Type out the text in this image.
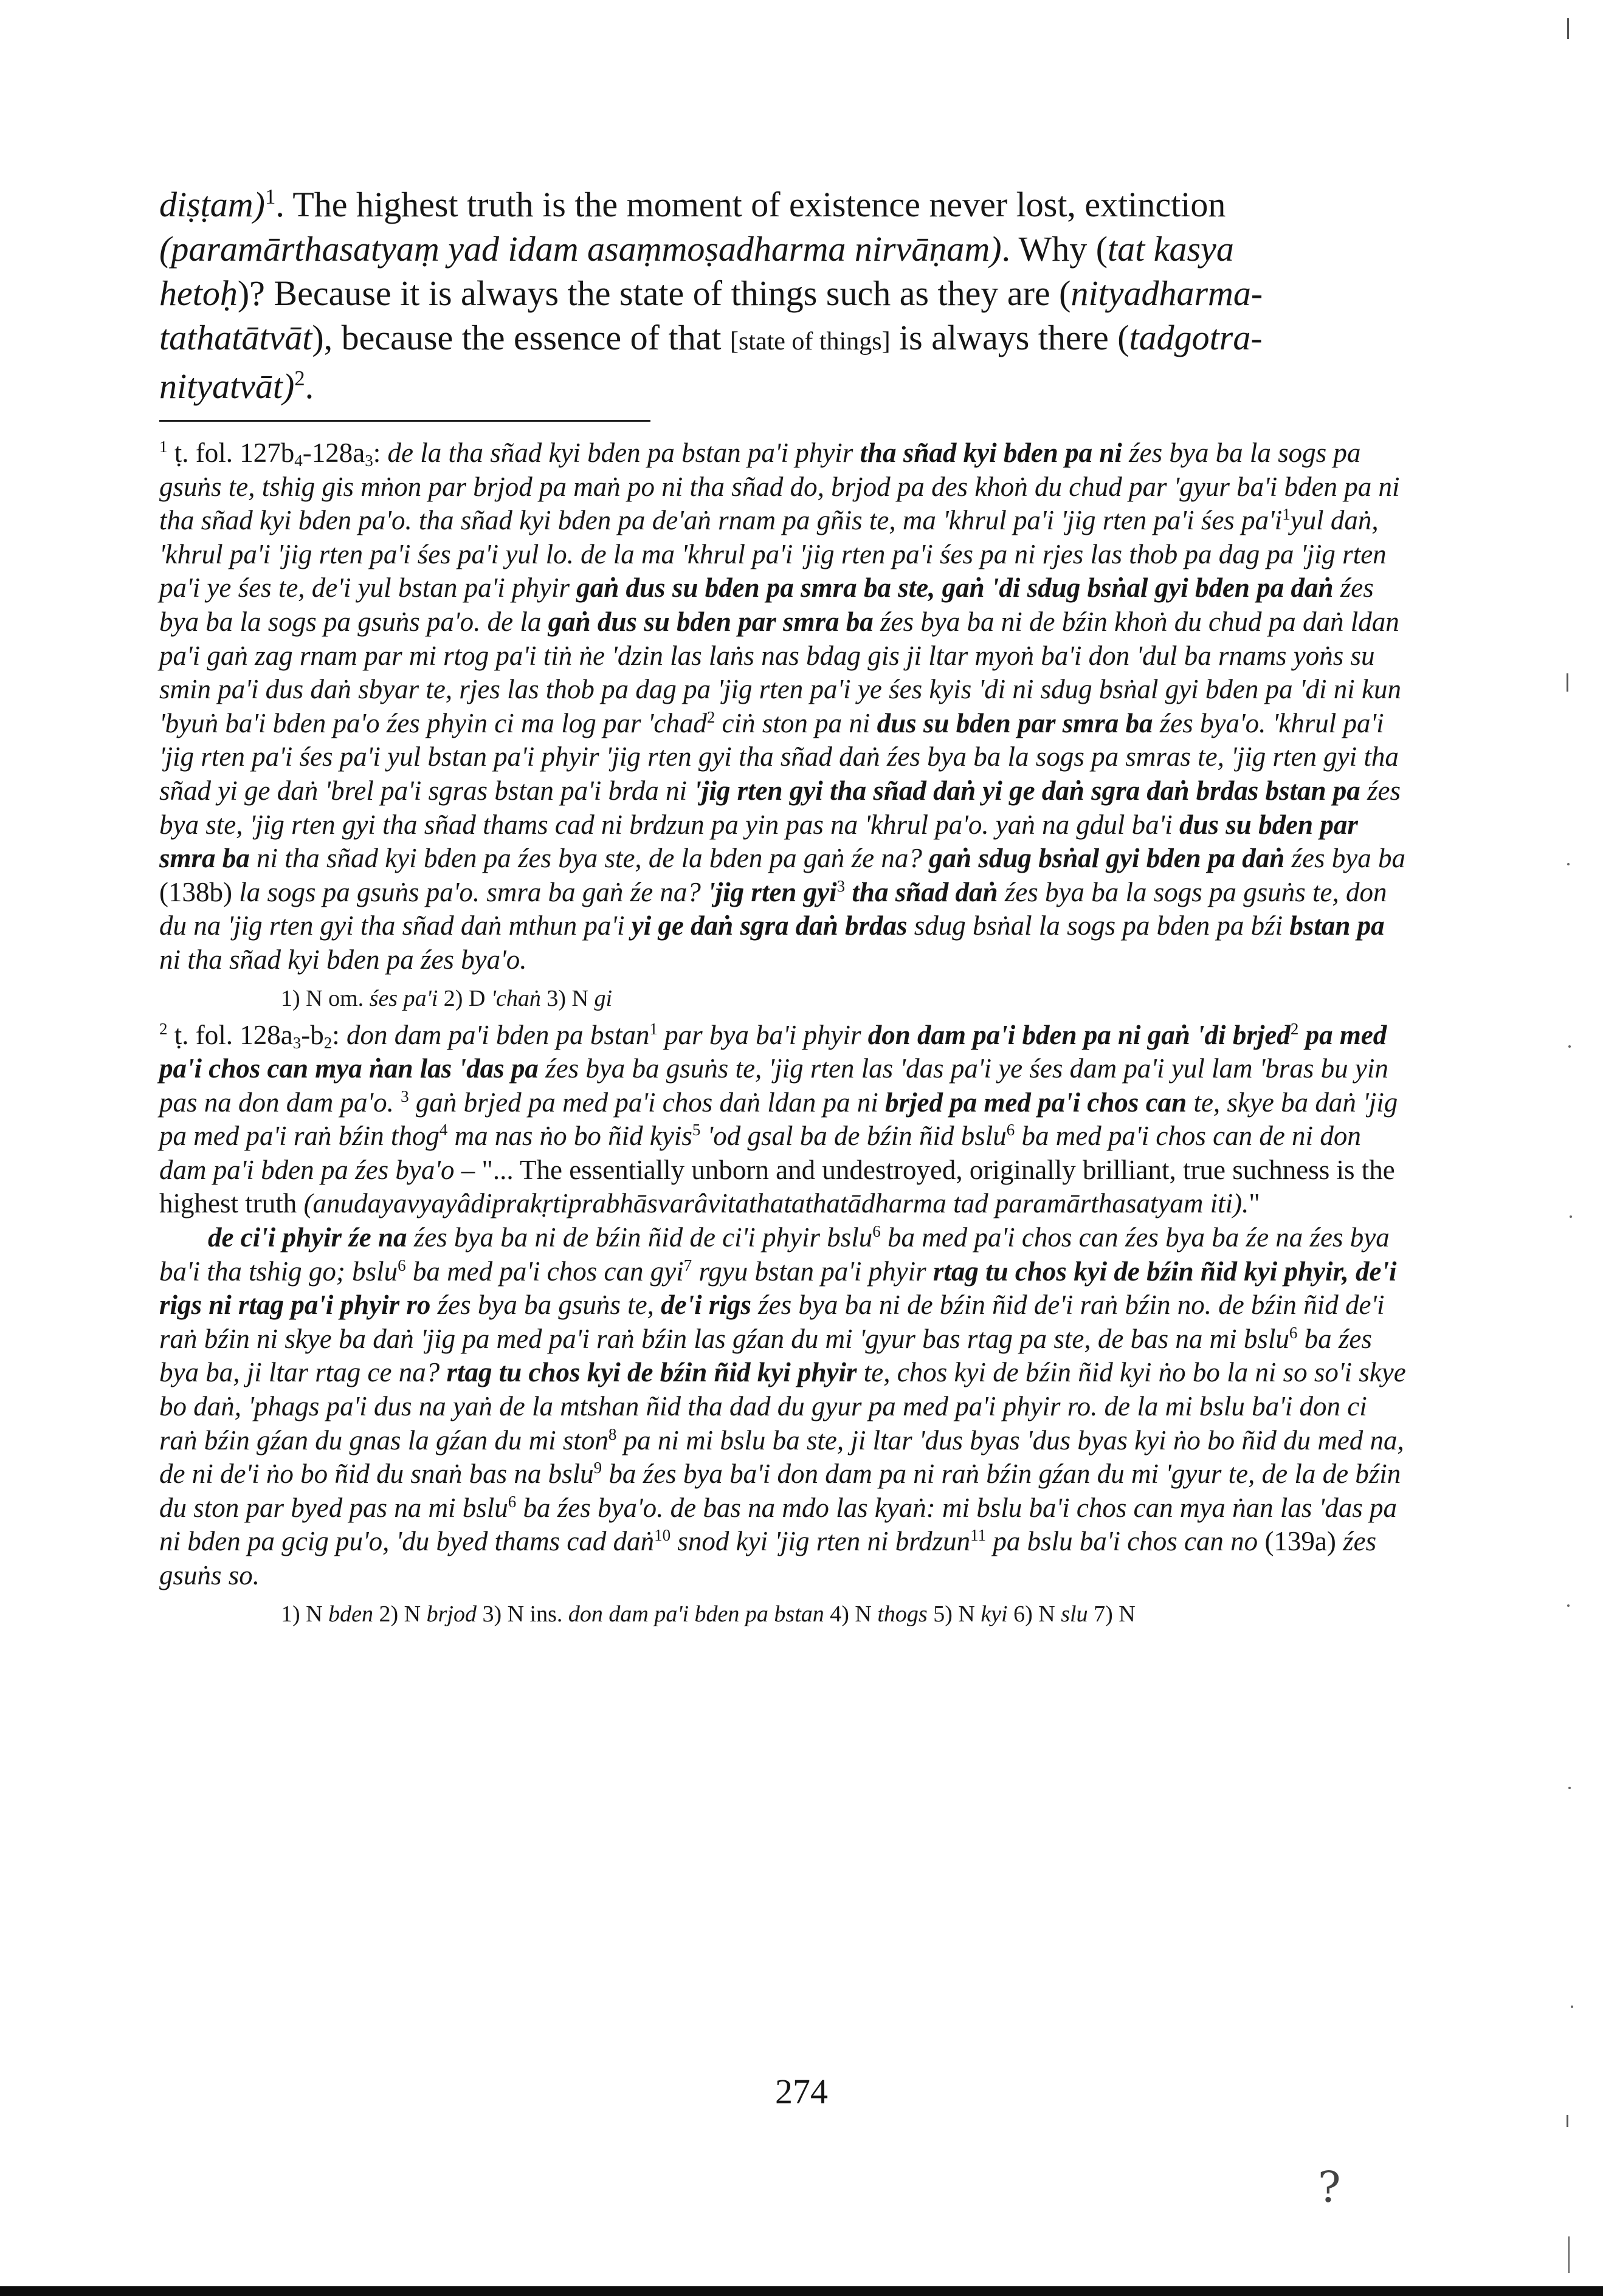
diṣṭam)$^1$. The highest truth is the moment of existence never lost, extinction
(paramārthasatyaṃ yad idam asaṃmoṣadharma nirvāṇam). Why (tat kasya
hetoḥ)? Because it is always the state of things such as they are (nityadharma-
tathatātvāt), because the essence of that [state of things] is always there (tadgotra-
nityatvāt)$^2$.

$^1$ ṭ. fol. $127b_4-128a_3$: de la tha sñad kyi bden pa bstan pa'i phyir tha sñad kyi bden pa ni źes bya ba la sogs pa gsuṅs te, tshig gis mṅon par brjod pa maṅ po ni tha sñad do, brjod pa des khoṅ du chud par 'gyur ba'i bden pa ni tha sñad kyi bden pa'o. tha sñad kyi bden pa de'aṅ rnam pa gñis te, ma 'khrul pa'i 'jig rten pa'i śes $pa'i^1yul$ daṅ, 'khrul pa'i 'jig rten pa'i śes pa'i yul lo. de la ma 'khrul pa'i 'jig rten pa'i śes pa ni rjes las thob pa dag pa 'jig rten pa'i ye śes te, de'i yul bstan pa'i phyir gaṅ dus su bden pa smra ba ste, gaṅ 'di sdug bsṅal gyi bden pa daṅ źes bya ba la sogs pa gsuṅs pa'o. de la gaṅ dus su bden par smra ba źes bya ba ni de bźin khoṅ du chud pa daṅ ldan pa'i gaṅ zag rnam par mi rtog pa'i tiṅ ṅe 'dzin las laṅs nas bdag gis ji ltar myoṅ ba'i don 'dul ba rnams yoṅs su smin pa'i dus daṅ sbyar te, rjes las thob pa dag pa 'jig rten pa'i ye śes kyis 'di ni sdug bsṅal gyi bden pa 'di ni kun 'byuṅ ba'i bden pa'o źes phyin ci ma log par 'chad$^2$ ciṅ ston pa ni dus su bden par smra ba źes bya'o. 'khrul pa'i 'jig rten pa'i śes pa'i yul bstan pa'i phyir 'jig rten gyi tha sñad daṅ źes bya ba la sogs pa smras te, 'jig rten gyi tha sñad yi ge daṅ 'brel pa'i sgras bstan pa'i brda ni 'jig rten gyi tha sñad daṅ yi ge daṅ sgra daṅ brdas bstan pa źes bya ste, 'jig rten gyi tha sñad thams cad ni brdzun pa yin pas na 'khrul pa'o. yaṅ na gdul ba'i dus su bden par smra ba ni tha sñad kyi bden pa źes bya ste, de la bden pa gaṅ źe na? gaṅ sdug bsṅal gyi bden pa daṅ źes bya ba (138b) la sogs pa gsuṅs pa'o. smra ba gaṅ źe na? 'jig rten gyi$^3$ tha sñad daṅ źes bya ba la sogs pa gsuṅs te, don du na 'jig rten gyi tha sñad daṅ mthun pa'i yi ge daṅ sgra daṅ brdas sdug bsṅal la sogs pa bden pa bźi bstan pa ni tha sñad kyi bden pa źes bya'o.

1) N om. śes pa'i 2) D 'chaṅ 3) N gi

$^2$ ṭ. fol. $128a_3-b_2$: don dam pa'i bden pa bstan$^1$ par bya ba'i phyir don dam pa'i bden pa ni gaṅ 'di brjed$^2$ pa med pa'i chos can mya ṅan las 'das pa źes bya ba gsuṅs te, 'jig rten las 'das pa'i ye śes dam pa'i yul lam 'bras bu yin pas na don dam pa'o. $^3$ gaṅ brjed pa med pa'i chos daṅ ldan pa ni brjed pa med pa'i chos can te, skye ba daṅ 'jig pa med pa'i raṅ bźin thog$^4$ ma nas ṅo bo ñid kyis$^5$ 'od gsal ba de bźin ñid bslu$^6$ ba med pa'i chos can de ni don dam pa'i bden pa źes bya'o – "... The essentially unborn and undestroyed, originally brilliant, true suchness is the highest truth (anudayavyayâdiprakṛtiprabhāsvarâvitathatathatādharma tad paramārthasatyam iti)."

de ci'i phyir źe na źes bya ba ni de bźin ñid de ci'i phyir bslu$^6$ ba med pa'i chos can źes bya ba źe na źes bya ba'i tha tshig go; bslu$^6$ ba med pa'i chos can gyi$^7$ rgyu bstan pa'i phyir rtag tu chos kyi de bźin ñid kyi phyir, de'i rigs ni rtag pa'i phyir ro źes bya ba gsuṅs te, de'i rigs źes bya ba ni de bźin ñid de'i raṅ bźin no. de bźin ñid de'i raṅ bźin ni skye ba daṅ 'jig pa med pa'i raṅ bźin las gźan du mi 'gyur bas rtag pa ste, de bas na mi bslu$^6$ ba źes bya ba, ji ltar rtag ce na? rtag tu chos kyi de bźin ñid kyi phyir te, chos kyi de bźin ñid kyi ṅo bo la ni so so'i skye bo daṅ, 'phags pa'i dus na yaṅ de la mtshan ñid tha dad du gyur pa med pa'i phyir ro. de la mi bslu ba'i don ci raṅ bźin gźan du gnas la gźan du mi ston$^8$ pa ni mi bslu ba ste, ji ltar 'dus byas 'dus byas kyi ṅo bo ñid du med na, de ni de'i ṅo bo ñid du snaṅ bas na bslu$^9$ ba źes bya ba'i don dam pa ni raṅ bźin gźan du mi 'gyur te, de la de bźin du ston par byed pas na mi bslu$^6$ ba źes bya'o. de bas na mdo las kyaṅ: mi bslu ba'i chos can mya ṅan las 'das pa ni bden pa gcig pu'o, 'du byed thams cad daṅ$^{10}$ snod kyi 'jig rten ni brdzun$^{11}$ pa bslu ba'i chos can no (139a) źes gsuṅs so.

1) N bden 2) N brjod 3) N ins. don dam pa'i bden pa bstan 4) N thogs 5) N kyi 6) N slu 7) N

274
?
